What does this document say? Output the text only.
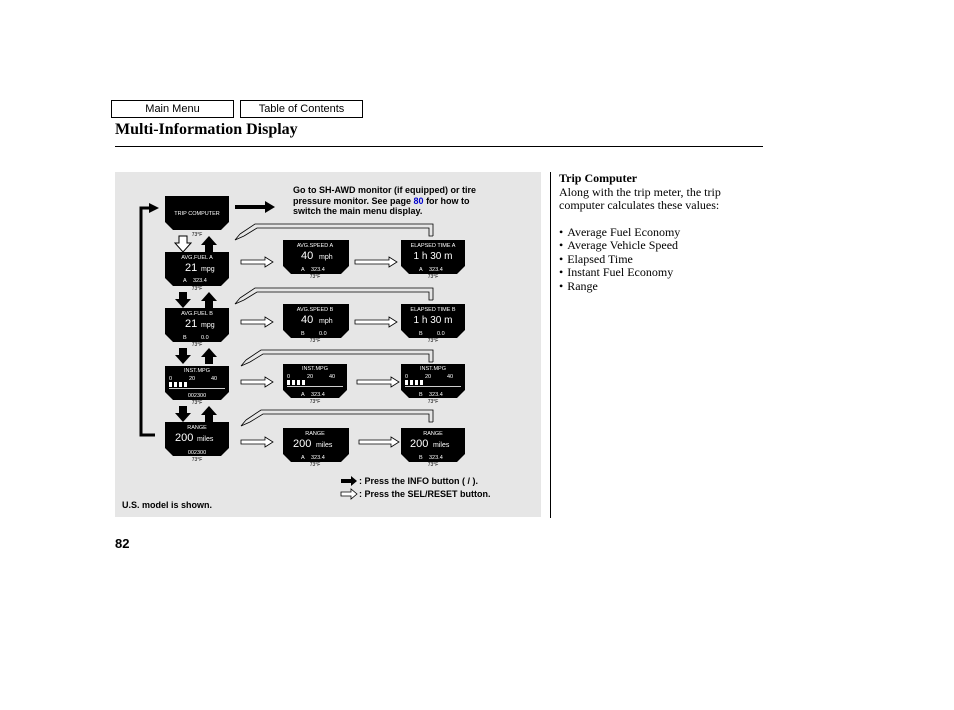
Main Menu	Table of Contents
Multi-Information Display
TRIP COMPUTER
73°F
AVG.FUEL A
21 mpg
A 323.4
73°F
AVG.FUEL B
21 mpg
B	0.0
73°F
INST.MPG
0	20	40
002300
73°F
RANGE
200 miles
002300
73°F
AVG.SPEED A
40 mph
A 323.4
73°F
ELAPSED TIME A
1 h 30 m
A 323.4
73°F
AVG.SPEED B
40 mph
B	0.0
73°F
ELAPSED TIME B
1 h 30 m
B	0.0
73°F
INST.MPG
0	20	40
A 323.4
73°F
INST.MPG
0	20	40
B 323.4
73°F
RANGE
200 miles
A 323.4
73°F
RANGE
200 miles
B 323.4
73°F
Go to SH-AWD monitor (if equipped) or tire
pressure monitor. See page 80 for how to
switch the main menu display.
: Press the INFO button ( / ).
: Press the SEL/RESET button.
U.S. model is shown.
Trip Computer

Along with the trip meter, the trip computer calculates these values:

• Average Fuel Economy
• Average Vehicle Speed
• Elapsed Time
• Instant Fuel Economy
• Range
82
